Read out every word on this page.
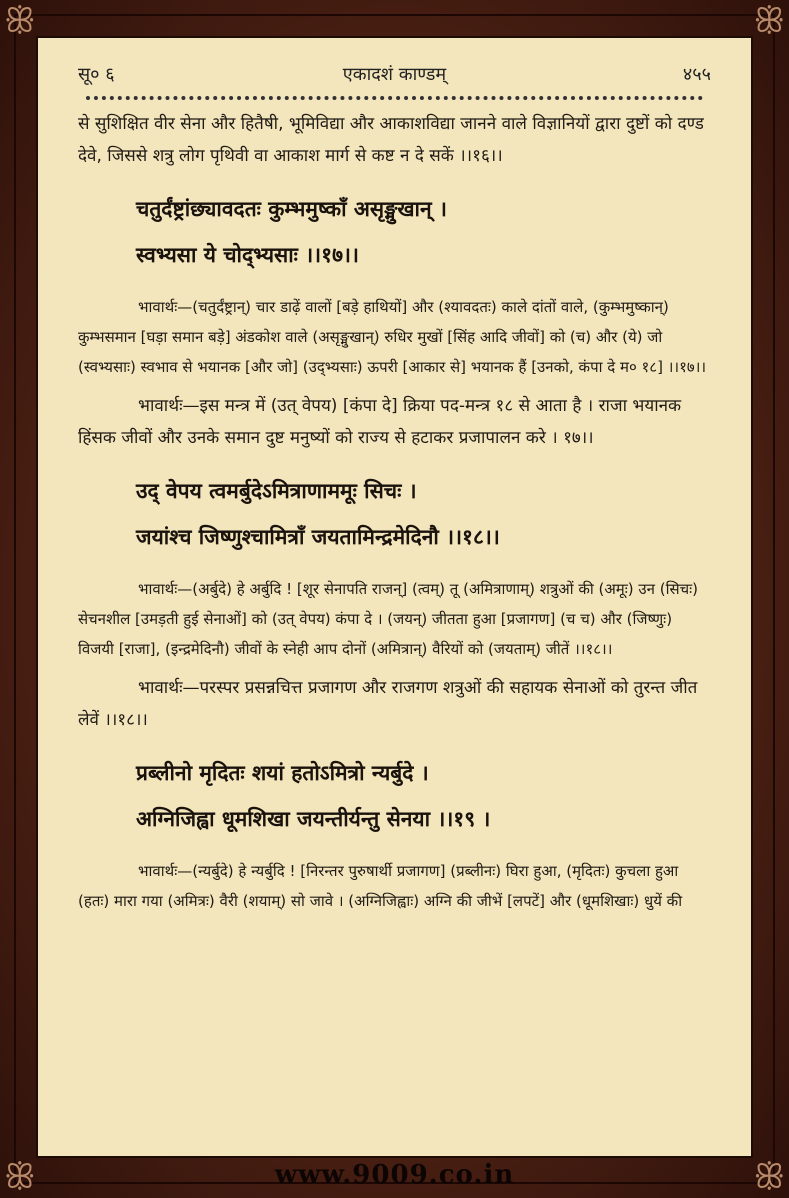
ꕥ	ꕥ
ꕥ	ꕥ
सू० ६	एकादशं काण्डम्	४५५

से सुशिक्षित वीर सेना और हितैषी, भूमिविद्या और आकाशविद्या जानने वाले विज्ञानियों द्वारा दुष्टों को दण्ड देवे, जिससे शत्रु लोग पृथिवी वा आकाश मार्ग से कष्ट न दे सकें ।।१६।।

चतुर्दंष्ट्रांछ्यावदतः कुम्भमुष्काँ असृङ्मुखान् ।

स्वभ्यसा ये चोद्भ्यसाः ।।१७।।

भावार्थः—(चतुर्दंष्ट्रान्) चार डाढ़ें वालों [बड़े हाथियों] और (श्यावदतः) काले दांतों वाले, (कुम्भमुष्कान्) कुम्भसमान [घड़ा समान बड़े] अंडकोश वाले (असृङ्मुखान्) रुधिर मुखों [सिंह आदि जीवों] को (च) और (ये) जो (स्वभ्यसाः) स्वभाव से भयानक [और जो] (उद्भ्यसाः) ऊपरी [आकार से] भयानक हैं [उनको, कंपा दे म० १८] ।।१७।।

भावार्थः—इस मन्त्र में (उत् वेपय) [कंपा दे] क्रिया पद-मन्त्र १८ से आता है । राजा भयानक हिंसक जीवों और उनके समान दुष्ट मनुष्यों को राज्य से हटाकर प्रजापालन करे । १७।।

उद् वेपय त्वमर्बुदेऽमित्राणाममूः सिचः ।

जयांश्च जिष्णुश्चामित्राँ जयतामिन्द्रमेदिनौ ।।१८।।

भावार्थः—(अर्बुदे) हे अर्बुदि ! [शूर सेनापति राजन्] (त्वम्) तू (अमित्राणाम्) शत्रुओं की (अमूः) उन (सिचः) सेचनशील [उमड़ती हुई सेनाओं] को (उत् वेपय) कंपा दे । (जयन्) जीतता हुआ [प्रजागण] (च च) और (जिष्णुः) विजयी [राजा], (इन्द्रमेदिनौ) जीवों के स्नेही आप दोनों (अमित्रान्) वैरियों को (जयताम्) जीतें ।।१८।।

भावार्थः—परस्पर प्रसन्नचित्त प्रजागण और राजगण शत्रुओं की सहायक सेनाओं को तुरन्त जीत लेवें ।।१८।।

प्रब्लीनो मृदितः शयां हतोऽमित्रो न्यर्बुदे ।

अग्निजिह्वा धूमशिखा जयन्तीर्यन्तु सेनया ।।१९ ।

भावार्थः—(न्यर्बुदे) हे न्यर्बुदि ! [निरन्तर पुरुषार्थी प्रजागण] (प्रब्लीनः) घिरा हुआ, (मृदितः) कुचला हुआ (हतः) मारा गया (अमित्रः) वैरी (शयाम्) सो जावे । (अग्निजिह्वाः) अग्नि की जीभें [लपटें] और (धूमशिखाः) धुयें की

www.9009.co.in
